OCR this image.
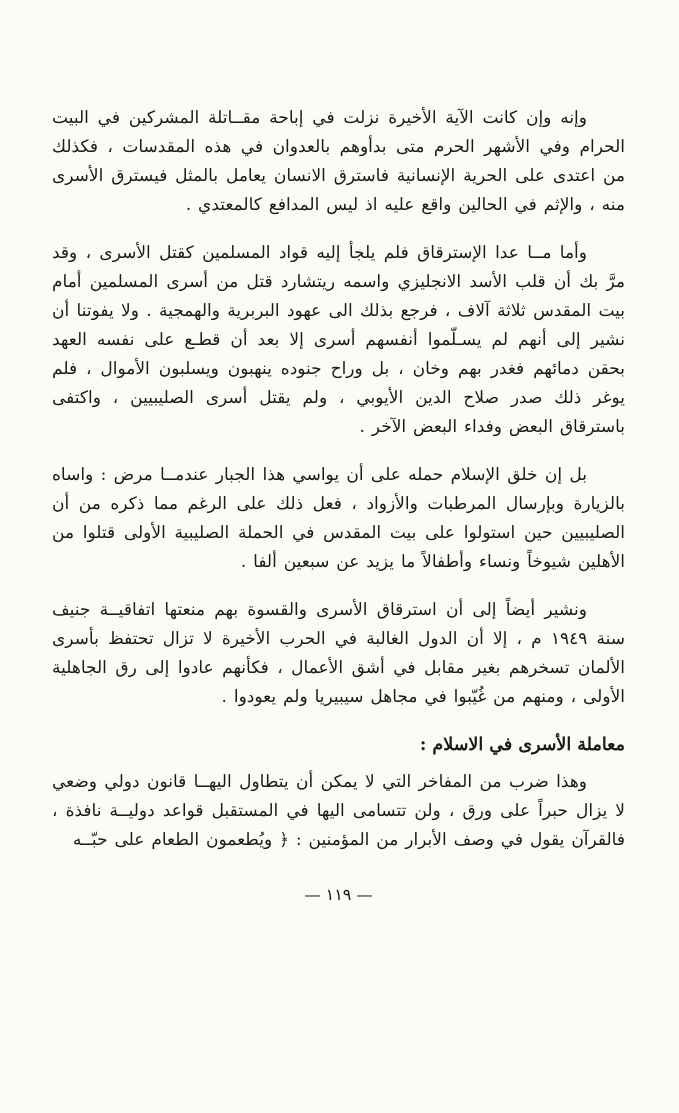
وإنه وإن كانت الآية الأخيرة نزلت في إباحة مقــاتلة المشركين في البيت الحرام وفي الأشهر الحرم متى بدأوهم بالعدوان في هذه المقدسات ، فكذلك من اعتدى على الحرية الإنسانية فاسترق الانسان يعامل بالمثل فيسترق الأسرى منه ، والإثم في الحالين واقع عليه اذ ليس المدافع كالمعتدي .

وأما مــا عدا الإسترقاق فلم يلجأ إليه قواد المسلمين كقتل الأسرى ، وقد مرَّ بك أن قلب الأسد الانجليزي واسمه ريتشارد قتل من أسرى المسلمين أمام بيت المقدس ثلاثة آلاف ، فرجع بذلك الى عهود البربرية والهمجية . ولا يفوتنا أن نشير إلى أنهم لم يسـلّموا أنفسهم أسرى إلا بعد أن قطـع على نفسه العهد بحقن دمائهم فغدر بهم وخان ، بل وراح جنوده ينهبون ويسلبون الأموال ، فلم يوغر ذلك صدر صلاح الدين الأيوبي ، ولم يقتل أسرى الصليبيين ، واكتفى باسترقاق البعض وفداء البعض الآخر .

بل إن خلق الإسلام حمله على أن يواسي هذا الجبار عندمــا مرض : واساه بالزيارة وبإرسال المرطبات والأزواد ، فعل ذلك على الرغم مما ذكره من أن الصليبيين حين استولوا على بيت المقدس في الحملة الصليبية الأولى قتلوا من الأهلين شيوخاً ونساء وأطفالاً ما يزيد عن سبعين ألفا .

ونشير أيضاً إلى أن استرقاق الأسرى والقسوة بهم منعتها اتفاقيــة جنيف سنة ١٩٤٩ م ، إلا أن الدول الغالبة في الحرب الأخيرة لا تزال تحتفظ بأسرى الألمان تسخرهم بغير مقابل في أشق الأعمال ، فكأنهم عادوا إلى رق الجاهلية الأولى ، ومنهم من غُيّبوا في مجاهل سيبيريا ولم يعودوا .

معاملة الأسرى في الاسلام :

وهذا ضرب من المفاخر التي لا يمكن أن يتطاول اليهــا قانون دولي وضعي لا يزال حبراً على ورق ، ولن تتسامى اليها في المستقبل قواعد دوليــة نافذة ، فالقرآن يقول في وصف الأبرار من المؤمنين : ﴿ ويُطعمون الطعام على حبّــه

— ١١٩ —
